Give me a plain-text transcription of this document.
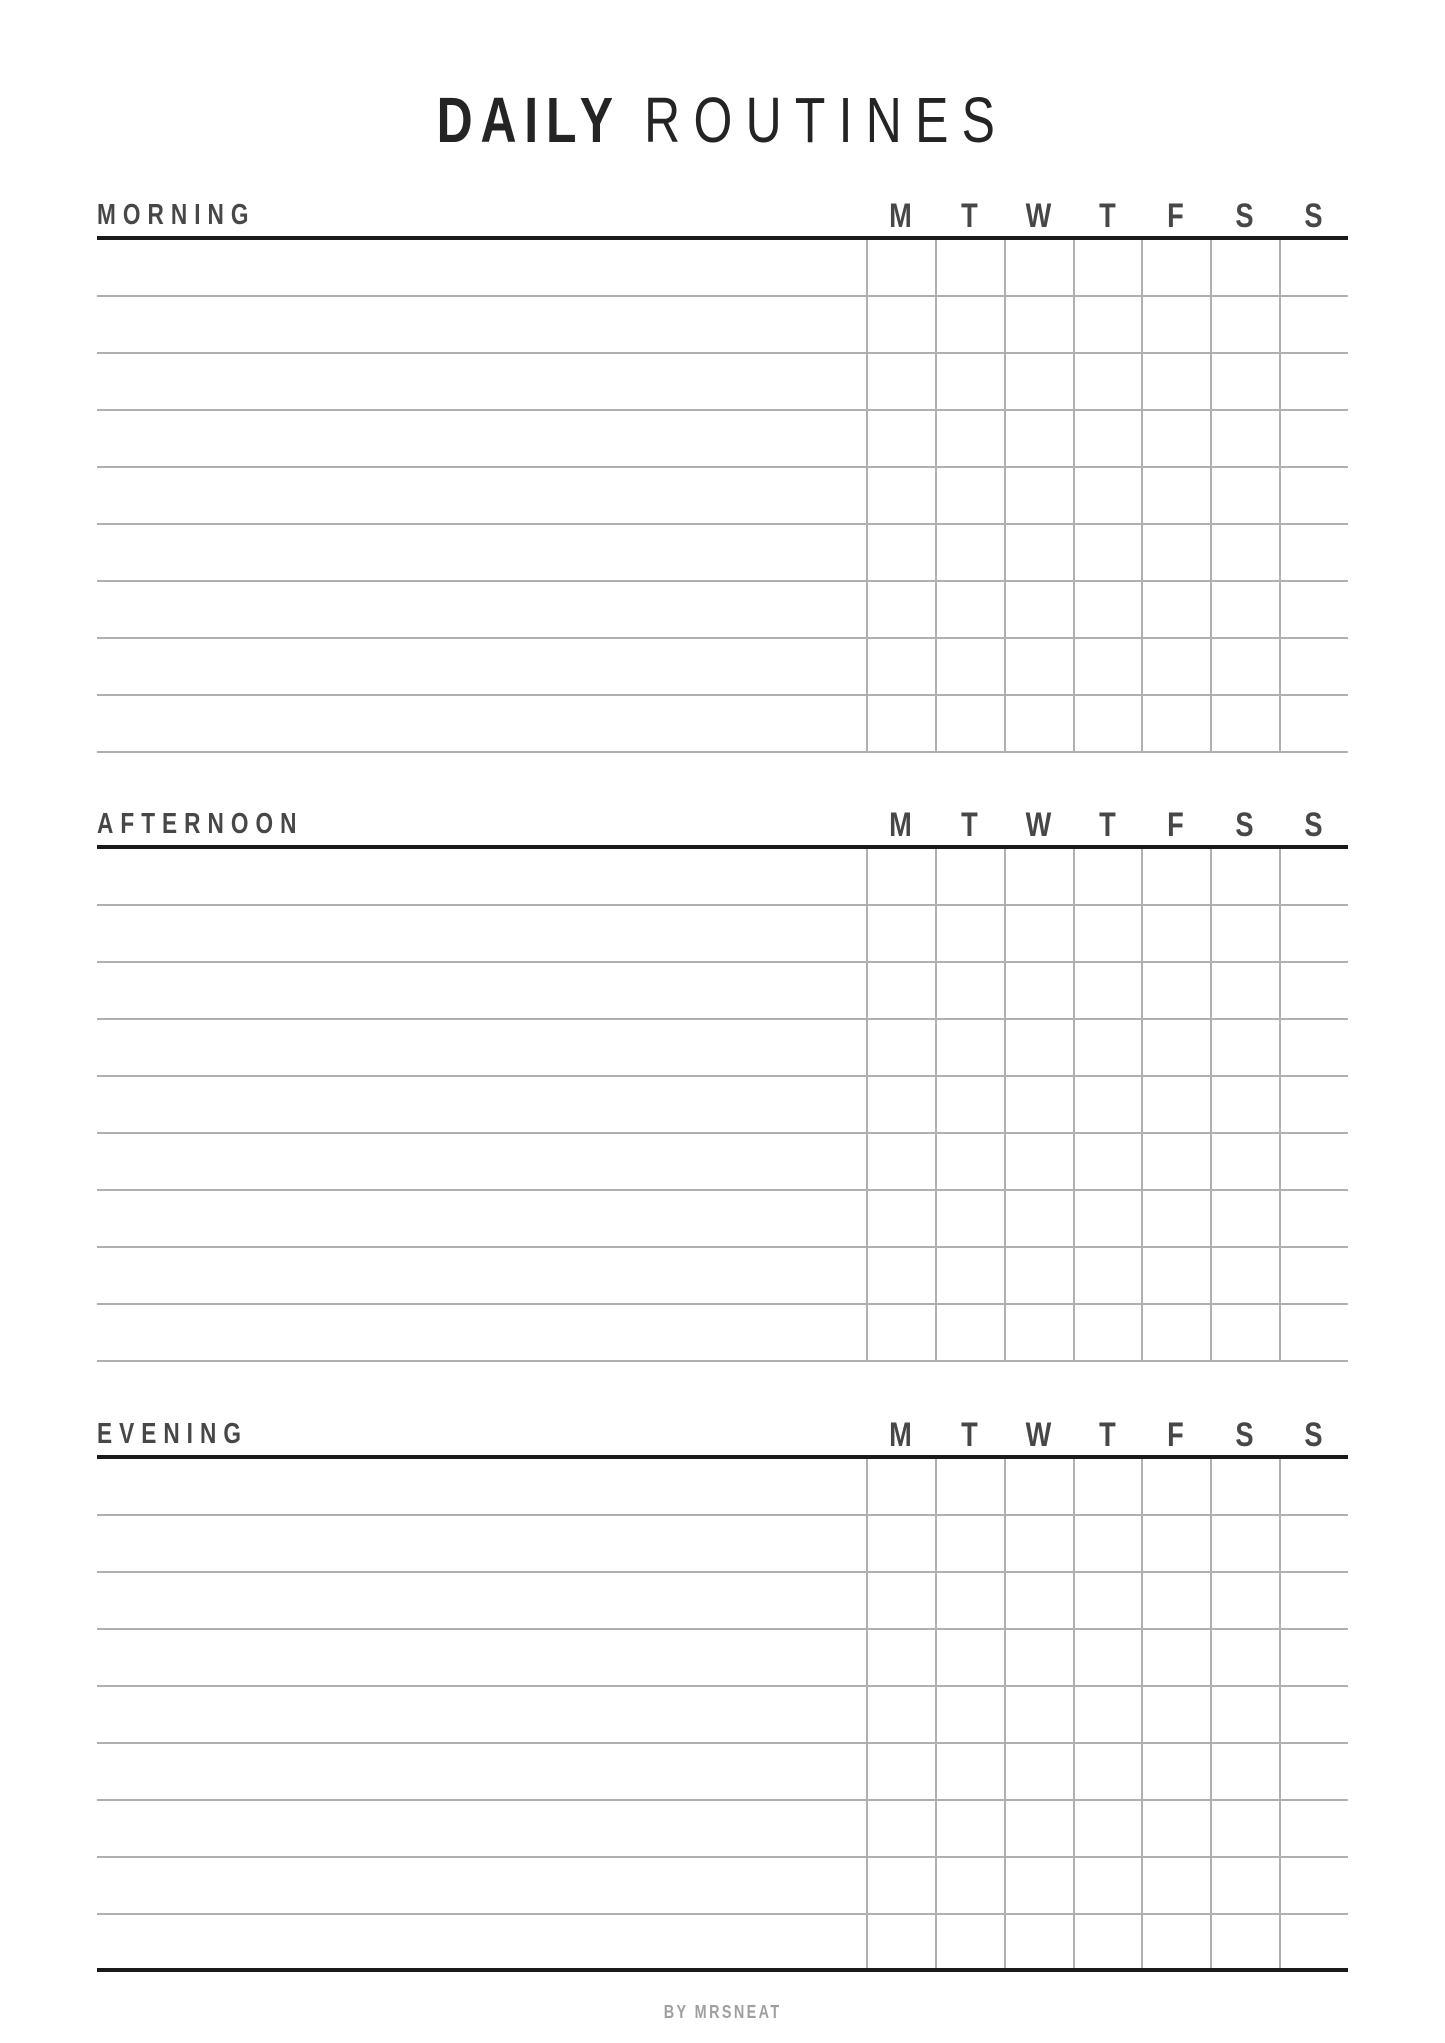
DAILY ROUTINES
MORNING	M	T	W	T	F	S	S
AFTERNOON	M	T	W	T	F	S	S
EVENING	M	T	W	T	F	S	S
BY MRSNEAT
